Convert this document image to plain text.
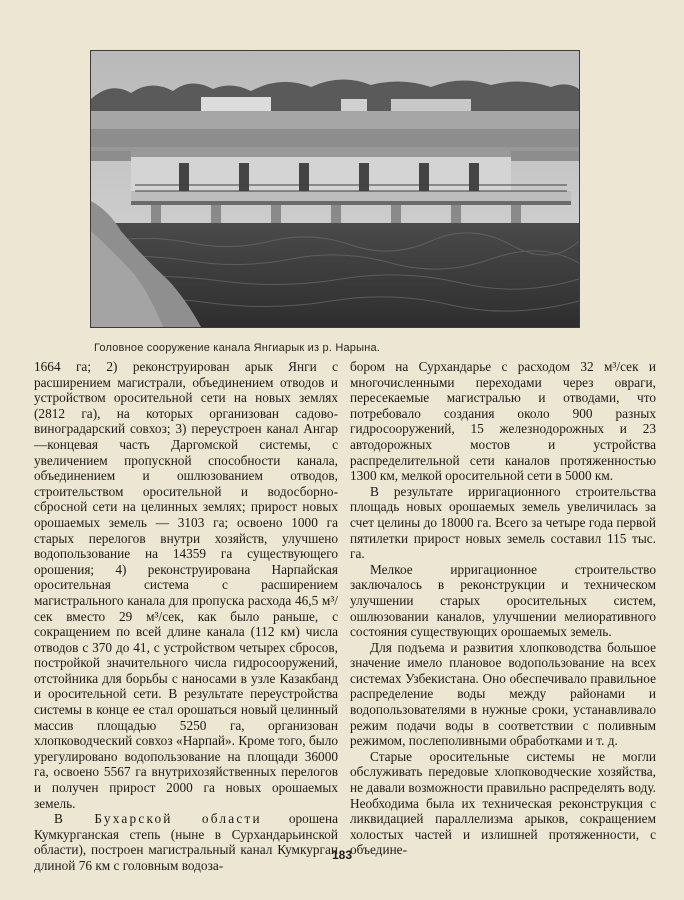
Головное сооружение канала Янгиарык из р. Нарына.

1664 га; 2) реконструирован арык Янги с расширением магистрали, объединением отводов и устройством оросительной сети на новых землях (2812 га), на которых организован садово-виноградарский совхоз; 3) переустроен канал Ангар—концевая часть Даргомской системы, с увеличением пропускной способности канала, объединением и ошлюзованием отводов, строительством оросительной и водосборно-сбросной сети на целинных землях; прирост новых орошаемых земель — 3103 га; освоено 1000 га старых перелогов внутри хозяйств, улучшено водопользование на 14359 га существующего орошения; 4) реконструирована Нарпайская оросительная система с расширением магистрального канала для пропуска расхода 46,5 м³/сек вместо 29 м³/сек, как было раньше, с сокращением по всей длине канала (112 км) числа отводов с 370 до 41, с устройством четырех сбросов, постройкой значительного числа гидросооружений, отстойника для борьбы с наносами в узле Казакбанд и оросительной сети. В результате переустройства системы в конце ее стал орошаться новый целинный массив площадью 5250 га, организован хлопководческий совхоз «Нарпай». Кроме того, было урегулировано водопользование на площади 36000 га, освоено 5567 га внутрихозяйственных перелогов и получен прирост 2000 га новых орошаемых земель.

В Бухарской области орошена Кумкурганская степь (ныне в Сурхандарьинской области), построен магистральный канал Кумкурган длиной 76 км с головным водоза-

бором на Сурхандарье с расходом 32 м³/сек и многочисленными переходами через овраги, пересекаемые магистралью и отводами, что потребовало создания около 900 разных гидросооружений, 15 железнодорожных и 23 автодорожных мостов и устройства распределительной сети каналов протяженностью 1300 км, мелкой оросительной сети в 5000 км.

В результате ирригационного строительства площадь новых орошаемых земель увеличилась за счет целины до 18000 га. Всего за четыре года первой пятилетки прирост новых земель составил 115 тыс. га.

Мелкое ирригационное строительство заключалось в реконструкции и техническом улучшении старых оросительных систем, ошлюзовании каналов, улучшении мелиоративного состояния существующих орошаемых земель.

Для подъема и развития хлопководства большое значение имело плановое водопользование на всех системах Узбекистана. Оно обеспечивало правильное распределение воды между районами и водопользователями в нужные сроки, устанавливало режим подачи воды в соответствии с поливным режимом, послеполивными обработками и т. д.

Старые оросительные системы не могли обслуживать передовые хлопководческие хозяйства, не давали возможности правильно распределять воду. Необходима была их техническая реконструкция с ликвидацией параллелизма арыков, сокращением холостых частей и излишней протяженности, с объедине-

183
